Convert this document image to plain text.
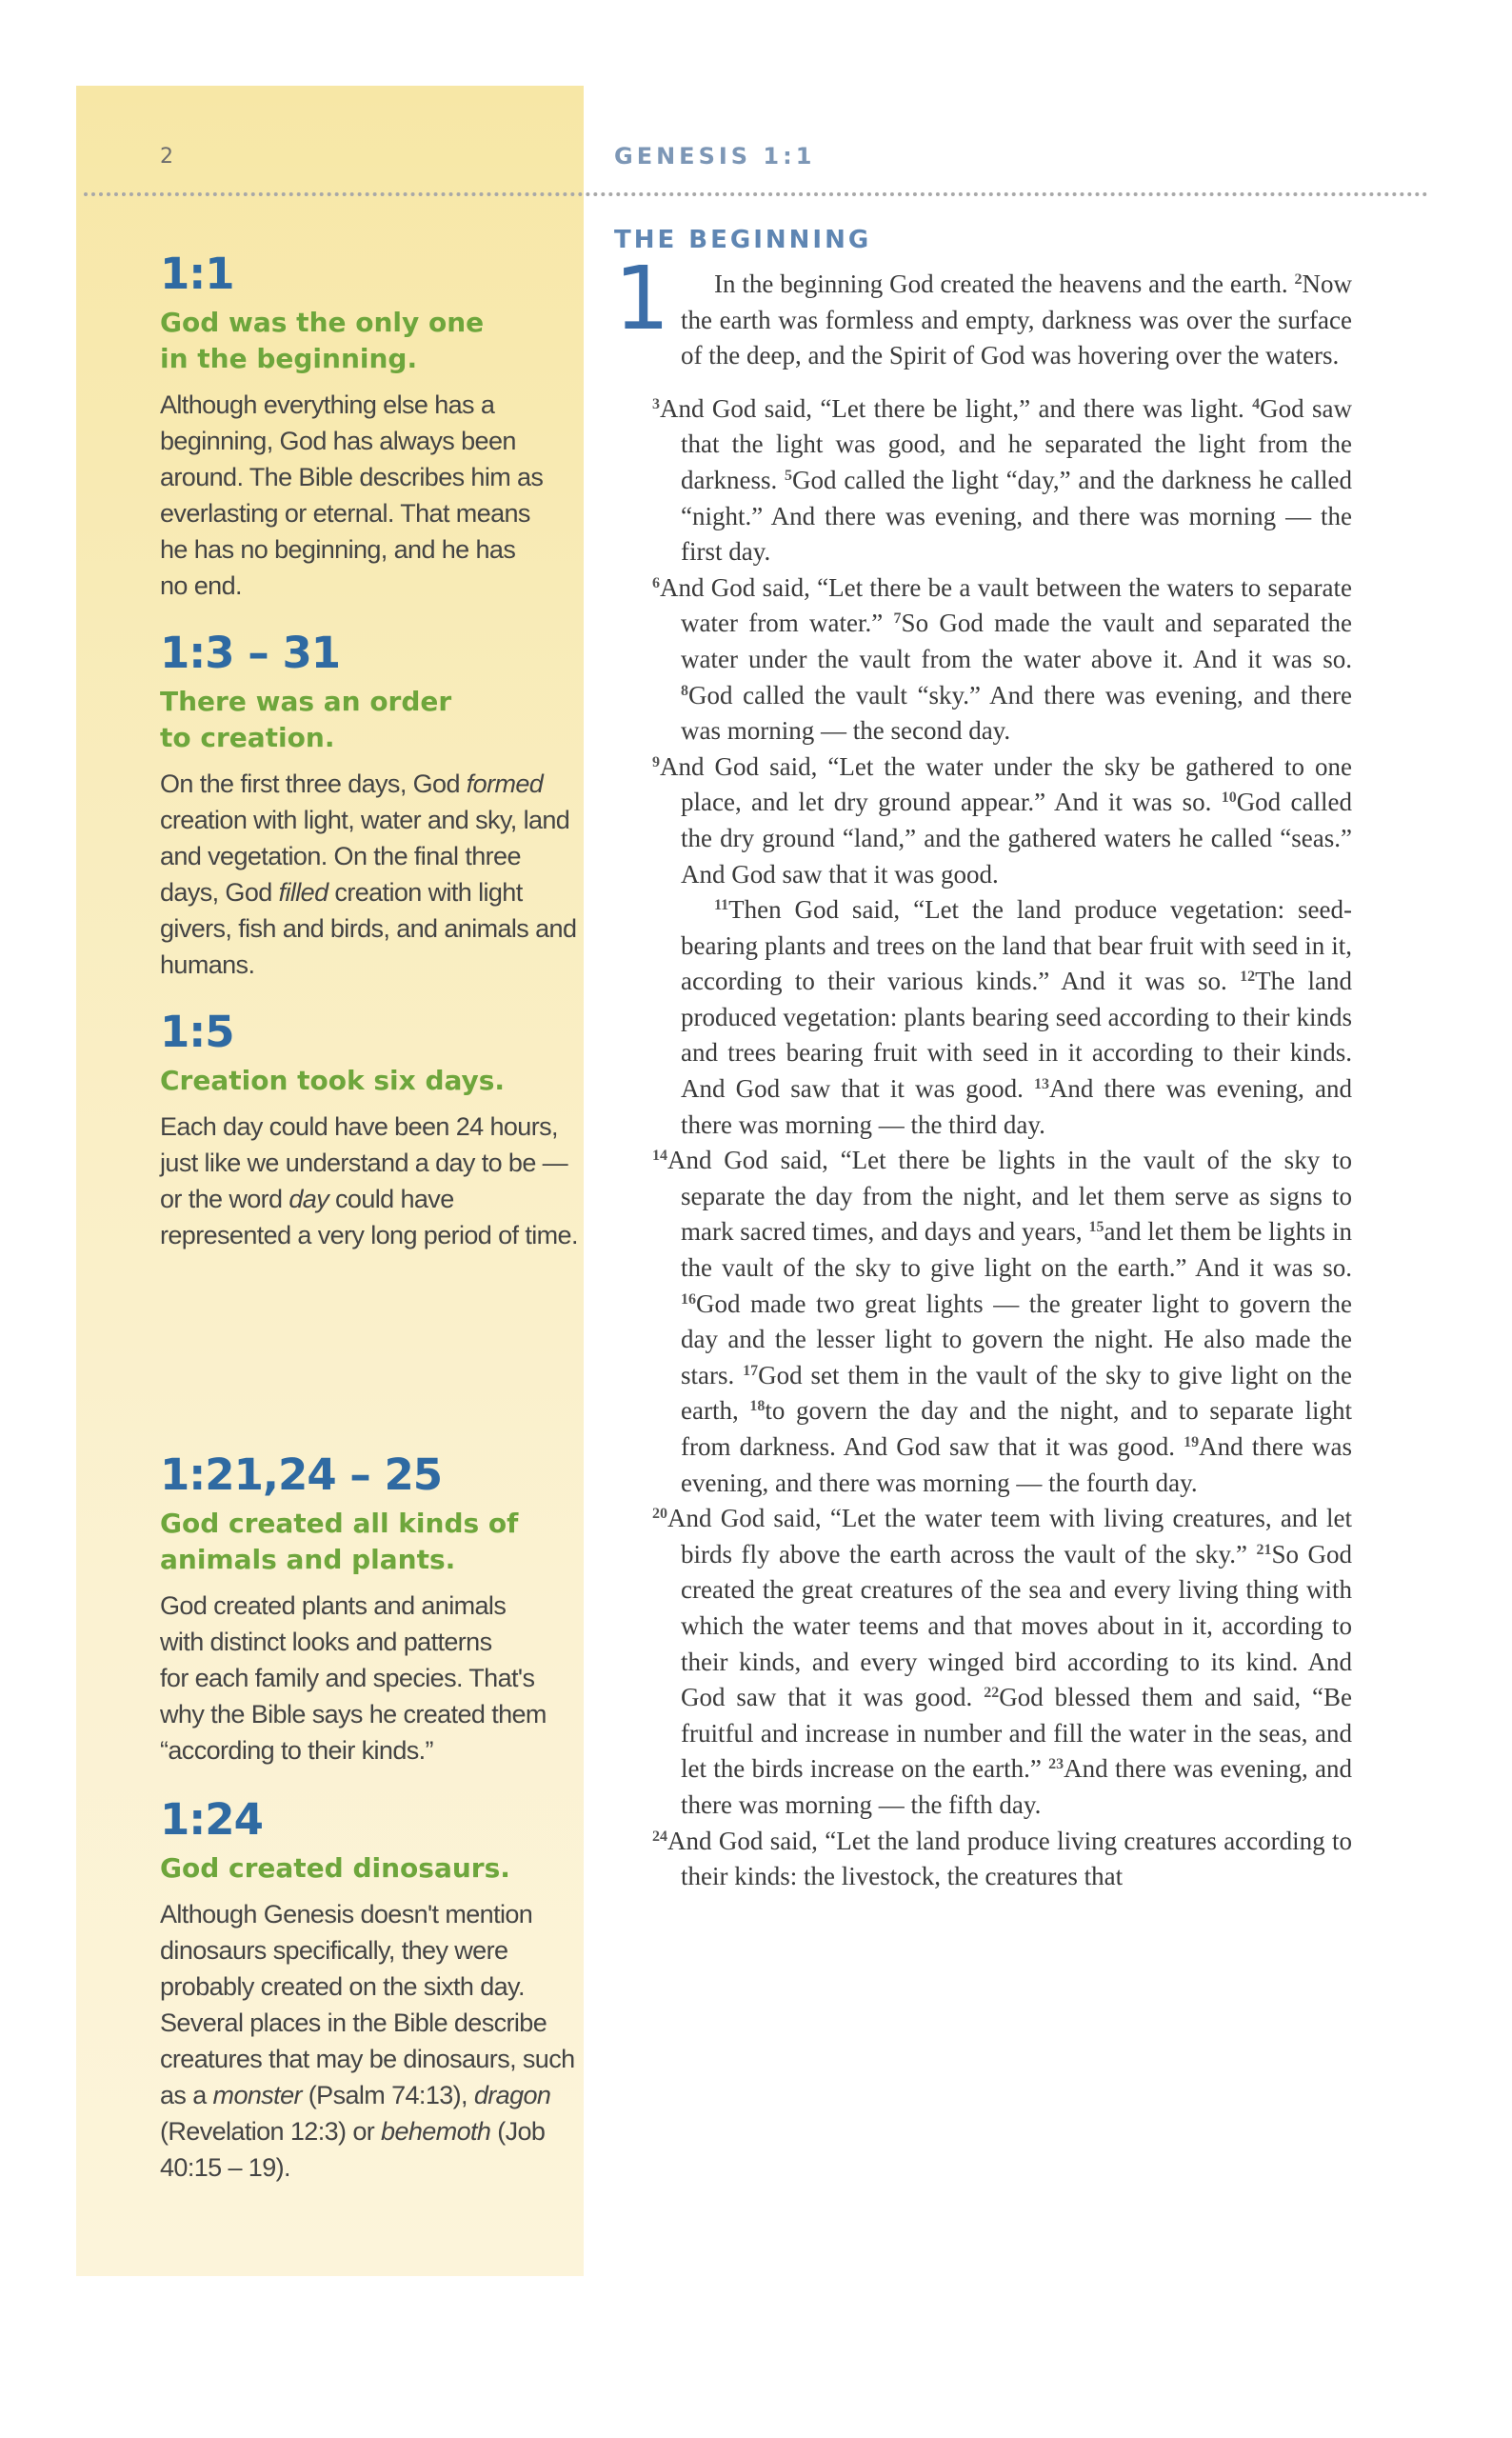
2	GENESIS 1:1
1:1
God was the only one
in the beginning.
Although everything else has a
beginning, God has always been
around. The Bible describes him as
everlasting or eternal. That means
he has no beginning, and he has
no end.
1:3 – 31
There was an order
to creation.
On the first three days, God formed creation with light, water and sky, land and vegetation. On the final three days, God filled creation with light givers, fish and birds, and animals and humans.
1:5
Creation took six days.
Each day could have been 24 hours, just like we understand a day to be — or the word day could have represented a very long period of time.
1:21,24 – 25
God created all kinds of
animals and plants.
God created plants and animals
with distinct looks and patterns
for each family and species. That's
why the Bible says he created them
“according to their kinds.”
1:24
God created dinosaurs.
Although Genesis doesn't mention dinosaurs specifically, they were probably created on the sixth day. Several places in the Bible describe creatures that may be dinosaurs, such as a monster (Psalm 74:13), dragon (Revelation 12:3) or behemoth (Job 40:15 – 19).
THE BEGINNING
1	In the beginning God created the heavens and the earth. $^2$Now the earth was formless and empty, darkness was over the surface of the deep, and the Spirit of God was hovering over the waters.

$^3$And God said, “Let there be light,” and there was light. $^4$God saw that the light was good, and he separated the light from the darkness. $^5$God called the light “day,” and the darkness he called “night.” And there was evening, and there was morning — the first day.

$^6$And God said, “Let there be a vault between the waters to separate water from water.” $^7$So God made the vault and separated the water under the vault from the water above it. And it was so. $^8$God called the vault “sky.” And there was evening, and there was morning — the second day.

$^9$And God said, “Let the water under the sky be gathered to one place, and let dry ground appear.” And it was so. $^{10}$God called the dry ground “land,” and the gathered waters he called “seas.” And God saw that it was good.

$^{11}$Then God said, “Let the land produce vegetation: seed-bearing plants and trees on the land that bear fruit with seed in it, according to their various kinds.” And it was so. $^{12}$The land produced vegetation: plants bearing seed according to their kinds and trees bearing fruit with seed in it according to their kinds. And God saw that it was good. $^{13}$And there was evening, and there was morning — the third day.

$^{14}$And God said, “Let there be lights in the vault of the sky to separate the day from the night, and let them serve as signs to mark sacred times, and days and years, $^{15}$and let them be lights in the vault of the sky to give light on the earth.” And it was so. $^{16}$God made two great lights — the greater light to govern the day and the lesser light to govern the night. He also made the stars. $^{17}$God set them in the vault of the sky to give light on the earth, $^{18}$to govern the day and the night, and to separate light from darkness. And God saw that it was good. $^{19}$And there was evening, and there was morning — the fourth day.

$^{20}$And God said, “Let the water teem with living creatures, and let birds fly above the earth across the vault of the sky.” $^{21}$So God created the great creatures of the sea and every living thing with which the water teems and that moves about in it, according to their kinds, and every winged bird according to its kind. And God saw that it was good. $^{22}$God blessed them and said, “Be fruitful and increase in number and fill the water in the seas, and let the birds increase on the earth.” $^{23}$And there was evening, and there was morning — the fifth day.

$^{24}$And God said, “Let the land produce living creatures according to their kinds: the livestock, the creatures that
